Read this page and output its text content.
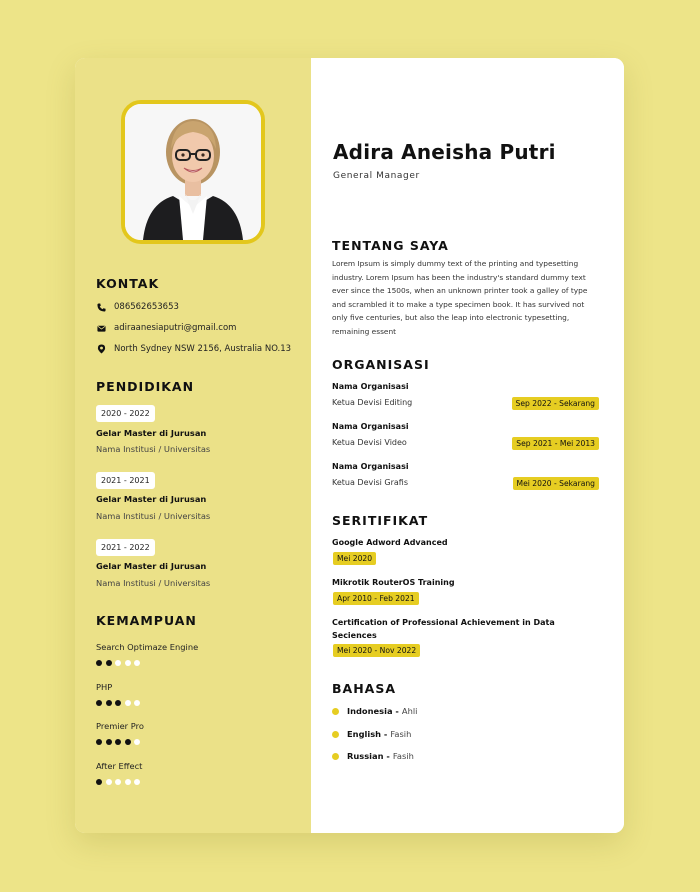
KONTAK
086562653653
adiraanesiaputri@gmail.com
North Sydney NSW 2156, Australia NO.13
PENDIDIKAN
2020 - 2022
Gelar Master di Jurusan
Nama Institusi / Universitas
2021 - 2021
Gelar Master di Jurusan
Nama Institusi / Universitas
2021 - 2022
Gelar Master di Jurusan
Nama Institusi / Universitas
KEMAMPUAN
Search Optimaze Engine
PHP
Premier Pro
After Effect
Adira Aneisha Putri
General Manager
TENTANG SAYA
Lorem Ipsum is simply dummy text of the printing and typesetting industry. Lorem Ipsum has been the industry's standard dummy text ever since the 1500s, when an unknown printer took a galley of type and scrambled it to make a type specimen book. It has survived not only five centuries, but also the leap into electronic typesetting, remaining essent
ORGANISASI
Nama Organisasi
Ketua Devisi Editing	Sep 2022 - Sekarang
Nama Organisasi
Ketua Devisi Video	Sep 2021 - Mei 2013
Nama Organisasi
Ketua Devisi Grafis	Mei 2020 - Sekarang
SERITIFIKAT
Google Adword Advanced
Mei 2020
Mikrotik RouterOS Training
Apr 2010 - Feb 2021
Certification of Professional Achievement in Data Seciences
Mei 2020 - Nov 2022
BAHASA
Indonesia - Ahli
English - Fasih
Russian - Fasih
